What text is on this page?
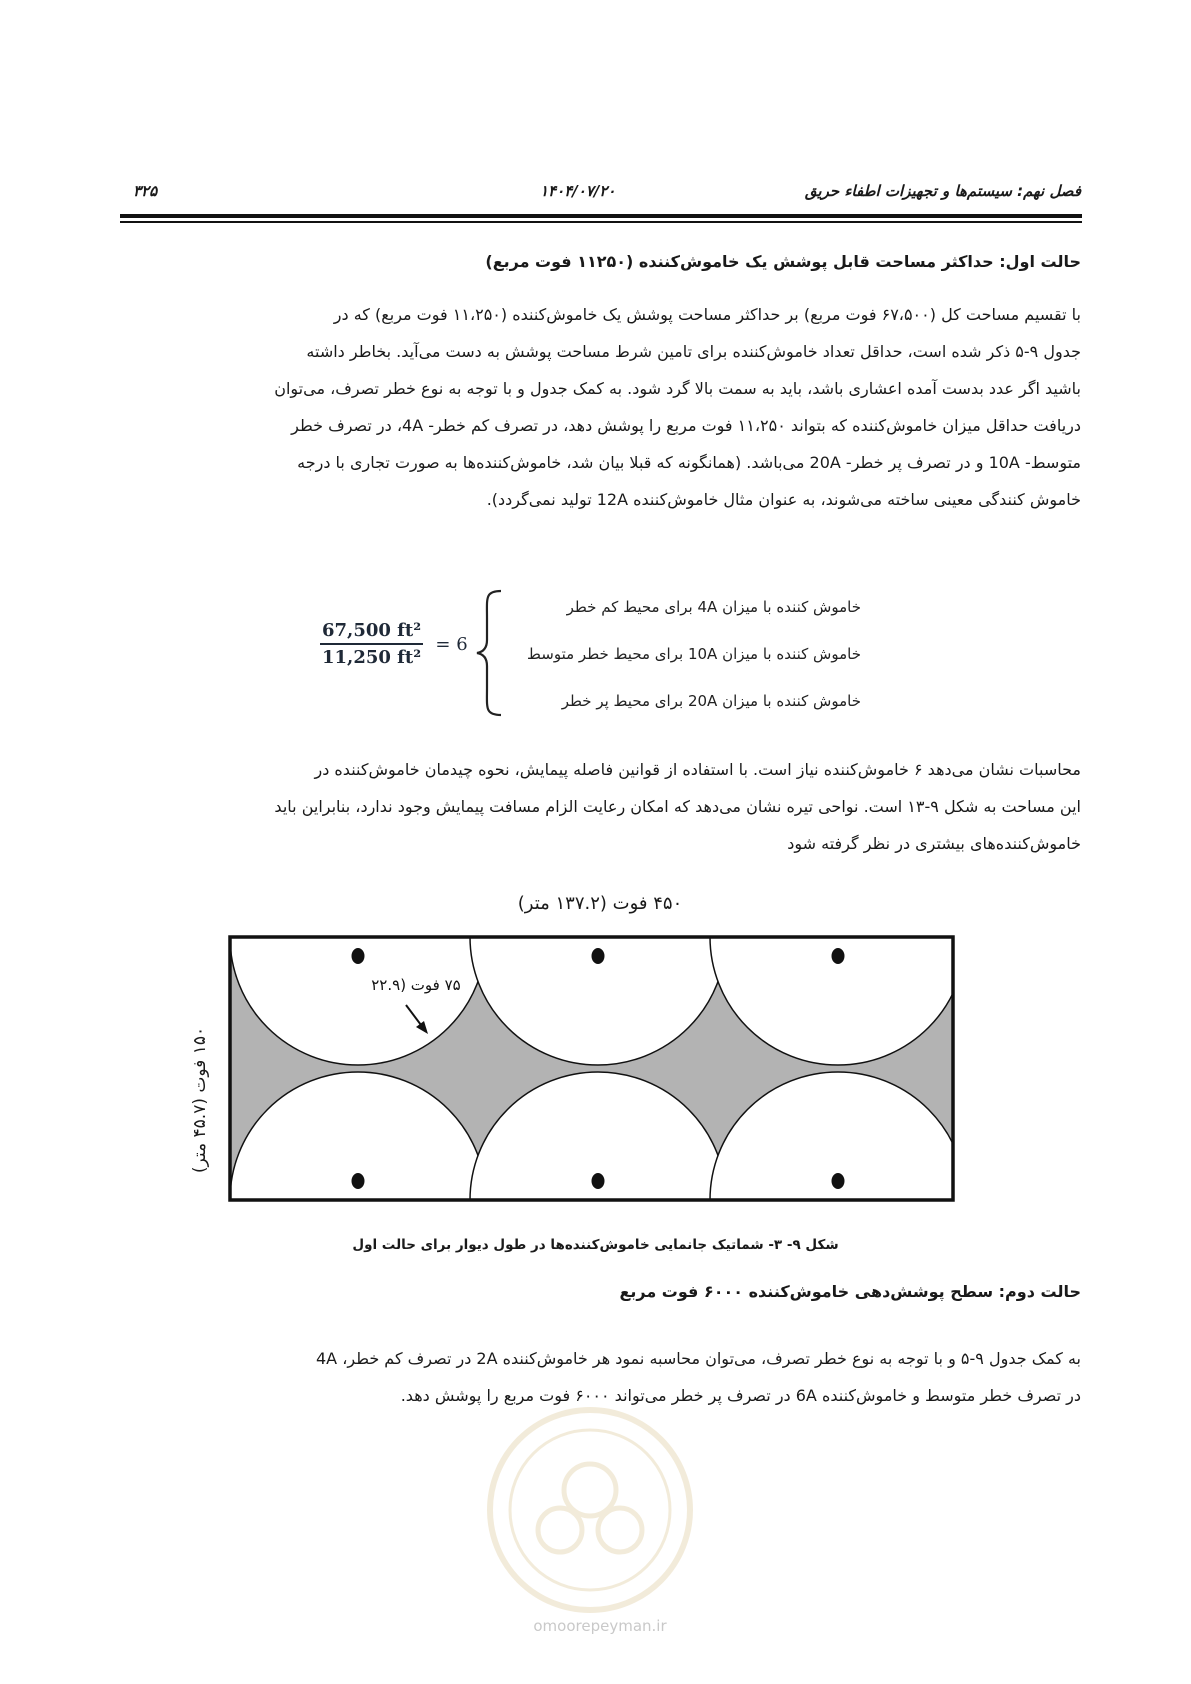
فصل نهم: سیستم‌ها و تجهیزات اطفاء حریق
۱۴۰۴/۰۷/۲۰
۳۲۵
حالت اول: حداکثر مساحت قابل پوشش یک خاموش‌کننده (۱۱۲۵۰ فوت مربع)

با تقسیم مساحت کل (۶۷،۵۰۰ فوت مربع) بر حداکثر مساحت پوشش یک خاموش‌کننده (۱۱،۲۵۰ فوت مربع) که در

جدول ۹-۵ ذکر شده است، حداقل تعداد خاموش‌کننده برای تامین شرط مساحت پوشش به دست می‌آید. بخاطر داشته

باشید اگر عدد بدست آمده اعشاری باشد، باید به سمت بالا گرد شود. به کمک جدول و با توجه به نوع خطر تصرف، می‌توان

دریافت حداقل میزان خاموش‌کننده که بتواند ۱۱،۲۵۰ فوت مربع را پوشش دهد، در تصرف کم خطر- 4A، در تصرف خطر

متوسط- 10A و در تصرف پر خطر- 20A می‌باشد. (همانگونه که قبلا بیان شد، خاموش‌کننده‌ها به صورت تجاری با درجه

خاموش کنندگی معینی ساخته می‌شوند، به عنوان مثال خاموش‌کننده 12A تولید نمی‌گردد).

$\frac{\text{67,500 ft²}}{\text{11,250 ft²}} = 6$
خاموش کننده با میزان 4A برای محیط کم خطر
خاموش کننده با میزان 10A برای محیط خطر متوسط
خاموش کننده با میزان 20A برای محیط پر خطر

محاسبات نشان می‌دهد ۶ خاموش‌کننده نیاز است. با استفاده از قوانین فاصله پیمایش، نحوه چیدمان خاموش‌کننده در

این مساحت به شکل ۹-۱۳ است. نواحی تیره نشان می‌دهد که امکان رعایت الزام مسافت پیمایش وجود ندارد، بنابراین باید

خاموش‌کننده‌های بیشتری در نظر گرفته شود

۴۵۰ فوت (۱۳۷.۲ متر)
۱۵۰ فوت (۴۵.۷ متر)
۷۵ فوت (۲۲.۹
شکل ۹- ۳- شماتیک جانمایی خاموش‌کننده‌ها در طول دیوار برای حالت اول
حالت دوم: سطح پوشش‌دهی خاموش‌کننده ۶۰۰۰ فوت مربع

به کمک جدول ۹-۵ و با توجه به نوع خطر تصرف، می‌توان محاسبه نمود هر خاموش‌کننده 2A در تصرف کم خطر، 4A

در تصرف خطر متوسط و خاموش‌کننده 6A در تصرف پر خطر می‌تواند ۶۰۰۰ فوت مربع را پوشش دهد.

omoorepeyman.ir
